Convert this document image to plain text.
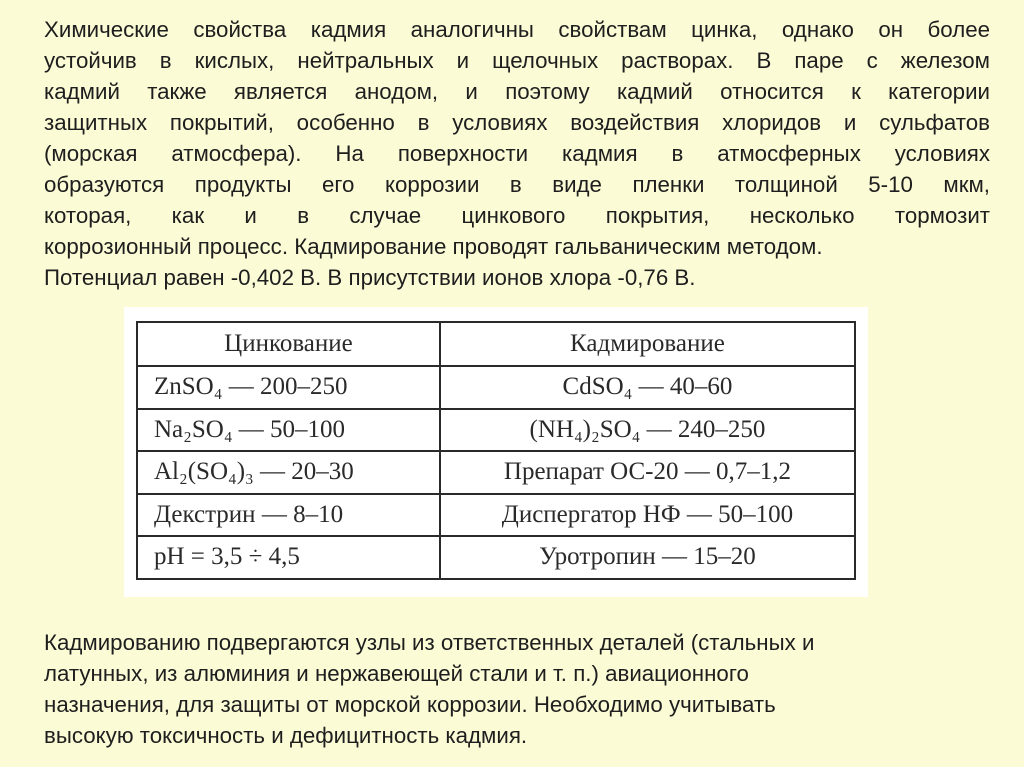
Химические свойства кадмия аналогичны свойствам цинка, однако он более
устойчив в кислых, нейтральных и щелочных растворах. В паре с железом
кадмий также является анодом, и поэтому кадмий относится к категории
защитных покрытий, особенно в условиях воздействия хлоридов и сульфатов
(морская атмосфера). На поверхности кадмия в атмосферных условиях
образуются продукты его коррозии в виде пленки толщиной 5-10 мкм,
которая, как и в случае цинкового покрытия, несколько тормозит
коррозионный процесс. Кадмирование проводят гальваническим методом.
Потенциал равен -0,402 В. В присутствии ионов хлора -0,76 В.
Цинкование	Кадмирование
ZnSO₄ — 200–250	CdSO₄ — 40–60
Na₂SO₄ — 50–100	(NH₄)₂SO₄ — 240–250
Al₂(SO₄)₃ — 20–30	Препарат ОС-20 — 0,7–1,2
Декстрин — 8–10	Диспергатор НФ — 50–100
pH = 3,5 ÷ 4,5	Уротропин — 15–20
Кадмированию подвергаются узлы из ответственных деталей (стальных и
латунных, из алюминия и нержавеющей стали и т. п.) авиационного
назначения, для защиты от морской коррозии. Необходимо учитывать
высокую токсичность и дефицитность кадмия.
